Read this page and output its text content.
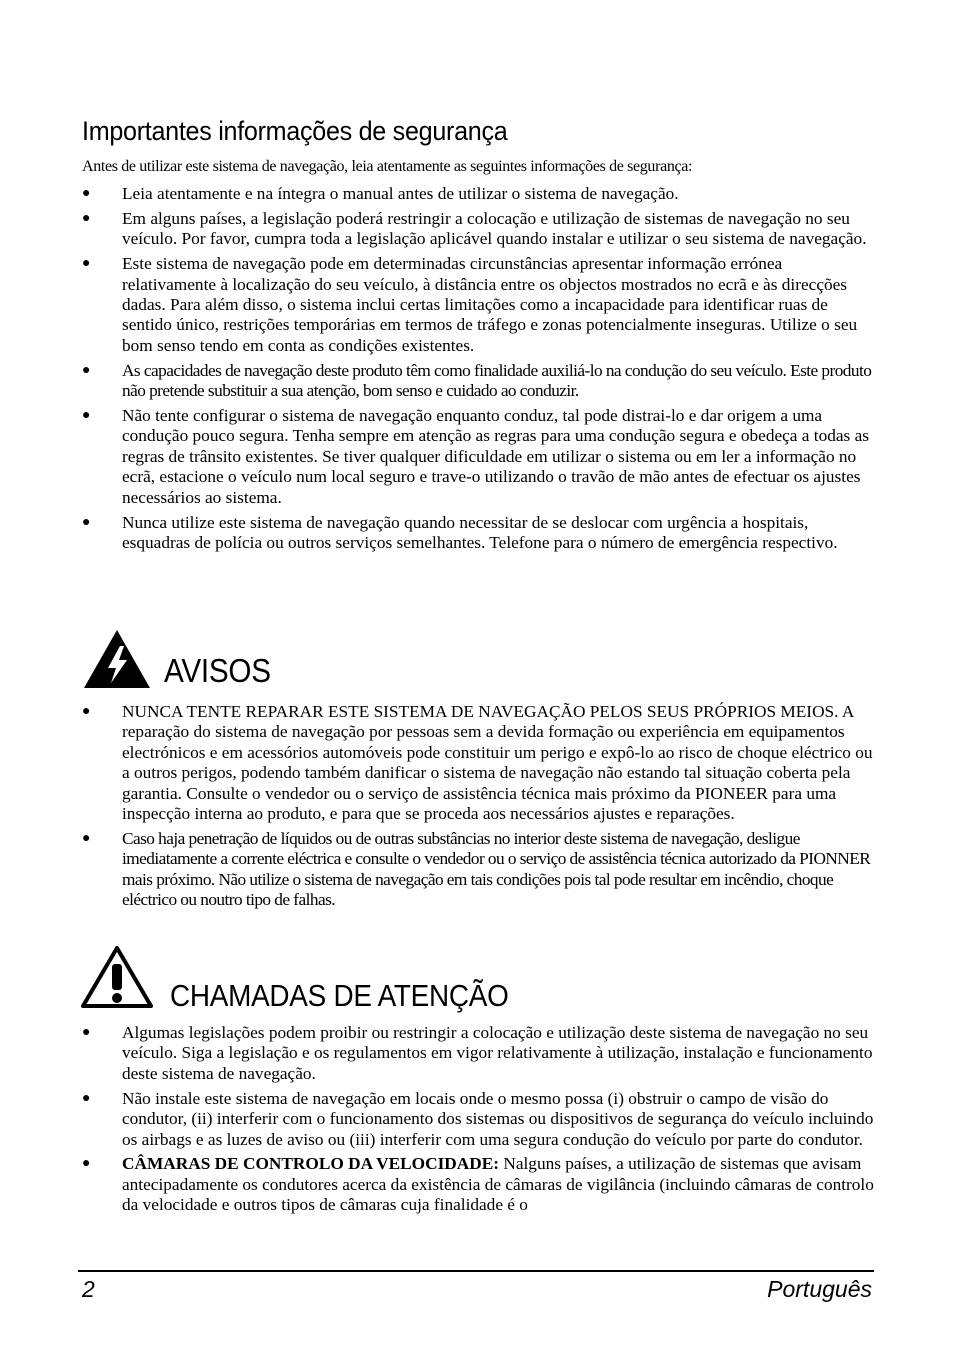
Importantes informações de segurança
Antes de utilizar este sistema de navegação, leia atentamente as seguintes informações de segurança:
● Leia atentamente e na íntegra o manual antes de utilizar o sistema de navegação.
● Em alguns países, a legislação poderá restringir a colocação e utilização de sistemas de navegação no seu veículo. Por favor, cumpra toda a legislação aplicável quando instalar e utilizar o seu sistema de navegação.
● Este sistema de navegação pode em determinadas circunstâncias apresentar informação errónea relativamente à localização do seu veículo, à distância entre os objectos mostrados no ecrã e às direcções dadas. Para além disso, o sistema inclui certas limitações como a incapacidade para identificar ruas de sentido único, restrições temporárias em termos de tráfego e zonas potencialmente inseguras. Utilize o seu bom senso tendo em conta as condições existentes.
● As capacidades de navegação deste produto têm como finalidade auxiliá-lo na condução do seu veículo. Este produto não pretende substituir a sua atenção, bom senso e cuidado ao conduzir.
● Não tente configurar o sistema de navegação enquanto conduz, tal pode distrai-lo e dar origem a uma condução pouco segura. Tenha sempre em atenção as regras para uma condução segura e obedeça a todas as regras de trânsito existentes. Se tiver qualquer dificuldade em utilizar o sistema ou em ler a informação no ecrã, estacione o veículo num local seguro e trave-o utilizando o travão de mão antes de efectuar os ajustes necessários ao sistema.
● Nunca utilize este sistema de navegação quando necessitar de se deslocar com urgência a hospitais, esquadras de polícia ou outros serviços semelhantes. Telefone para o número de emergência respectivo.
AVISOS
● NUNCA TENTE REPARAR ESTE SISTEMA DE NAVEGAÇÃO PELOS SEUS PRÓPRIOS MEIOS. A reparação do sistema de navegação por pessoas sem a devida formação ou experiência em equipamentos electrónicos e em acessórios automóveis pode constituir um perigo e expô-lo ao risco de choque eléctrico ou a outros perigos, podendo também danificar o sistema de navegação não estando tal situação coberta pela garantia. Consulte o vendedor ou o serviço de assistência técnica mais próximo da PIONEER para uma inspecção interna ao produto, e para que se proceda aos necessários ajustes e reparações.
● Caso haja penetração de líquidos ou de outras substâncias no interior deste sistema de navegação, desligue imediatamente a corrente eléctrica e consulte o vendedor ou o serviço de assistência técnica autorizado da PIONNER mais próximo. Não utilize o sistema de navegação em tais condições pois tal pode resultar em incêndio, choque eléctrico ou noutro tipo de falhas.
CHAMADAS DE ATENÇÃO
● Algumas legislações podem proibir ou restringir a colocação e utilização deste sistema de navegação no seu veículo. Siga a legislação e os regulamentos em vigor relativamente à utilização, instalação e funcionamento deste sistema de navegação.
● Não instale este sistema de navegação em locais onde o mesmo possa (i) obstruir o campo de visão do condutor, (ii) interferir com o funcionamento dos sistemas ou dispositivos de segurança do veículo incluindo os airbags e as luzes de aviso ou (iii) interferir com uma segura condução do veículo por parte do condutor.
● CÂMARAS DE CONTROLO DA VELOCIDADE: Nalguns países, a utilização de sistemas que avisam antecipadamente os condutores acerca da existência de câmaras de vigilância (incluindo câmaras de controlo da velocidade e outros tipos de câmaras cuja finalidade é o
2	Português
